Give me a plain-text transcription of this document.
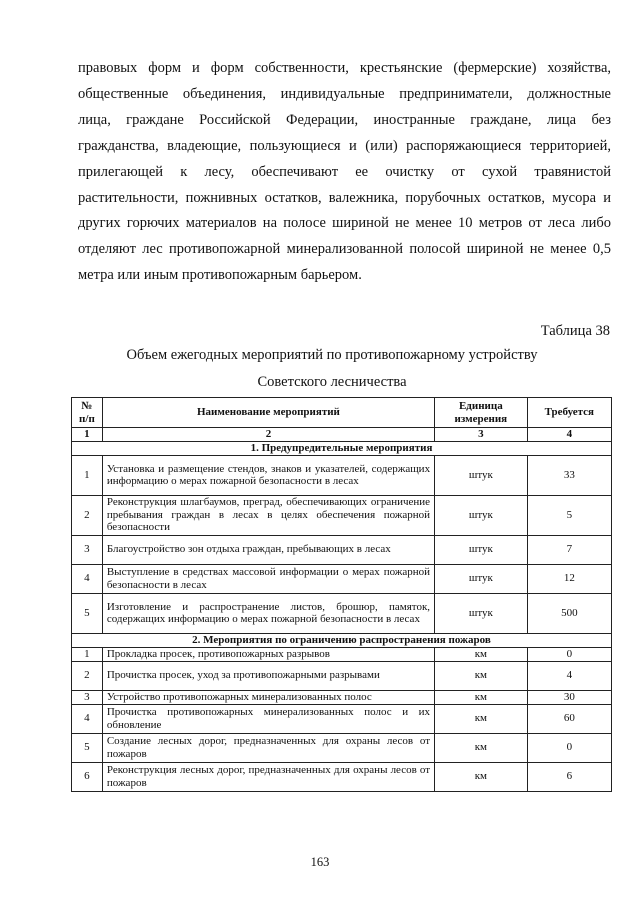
правовых форм и форм собственности, крестьянские (фермерские) хозяйства,
общественные объединения, индивидуальные предприниматели, должностные
лица, граждане Российской Федерации, иностранные граждане, лица без
гражданства, владеющие, пользующиеся и (или) распоряжающиеся территорией,
прилегающей к лесу, обеспечивают ее очистку от сухой травянистой
растительности, пожнивных остатков, валежника, порубочных остатков, мусора и
других горючих материалов на полосе шириной не менее 10 метров от леса либо
отделяют лес противопожарной минерализованной полосой шириной не менее 0,5
метра или иным противопожарным барьером.
Таблица 38
Объем ежегодных мероприятий по противопожарному устройству
Советского лесничества
№ п/п	Наименование мероприятий	Единица измерения	Требуется
1	2	3	4
1. Предупредительные мероприятия			
1	Установка и размещение стендов, знаков и указателей, содержащих информацию о мерах пожарной безопасности в лесах	штук	33
2	Реконструкция шлагбаумов, преград, обеспечивающих ограничение пребывания граждан в лесах в целях обеспечения пожарной безопасности	штук	5
3	Благоустройство зон отдыха граждан, пребывающих в лесах	штук	7
4	Выступление в средствах массовой информации о мерах пожарной безопасности в лесах	штук	12
5	Изготовление и распространение листов, брошюр, памяток, содержащих информацию о мерах пожарной безопасности в лесах	штук	500
2. Мероприятия по ограничению распространения пожаров			
1	Прокладка просек, противопожарных разрывов	км	0
2	Прочистка просек, уход за противопожарными разрывами	км	4
3	Устройство противопожарных минерализованных полос	км	30
4	Прочистка противопожарных минерализованных полос и их обновление	км	60
5	Создание лесных дорог, предназначенных для охраны лесов от пожаров	км	0
6	Реконструкция лесных дорог, предназначенных для охраны лесов от пожаров	км	6
163
